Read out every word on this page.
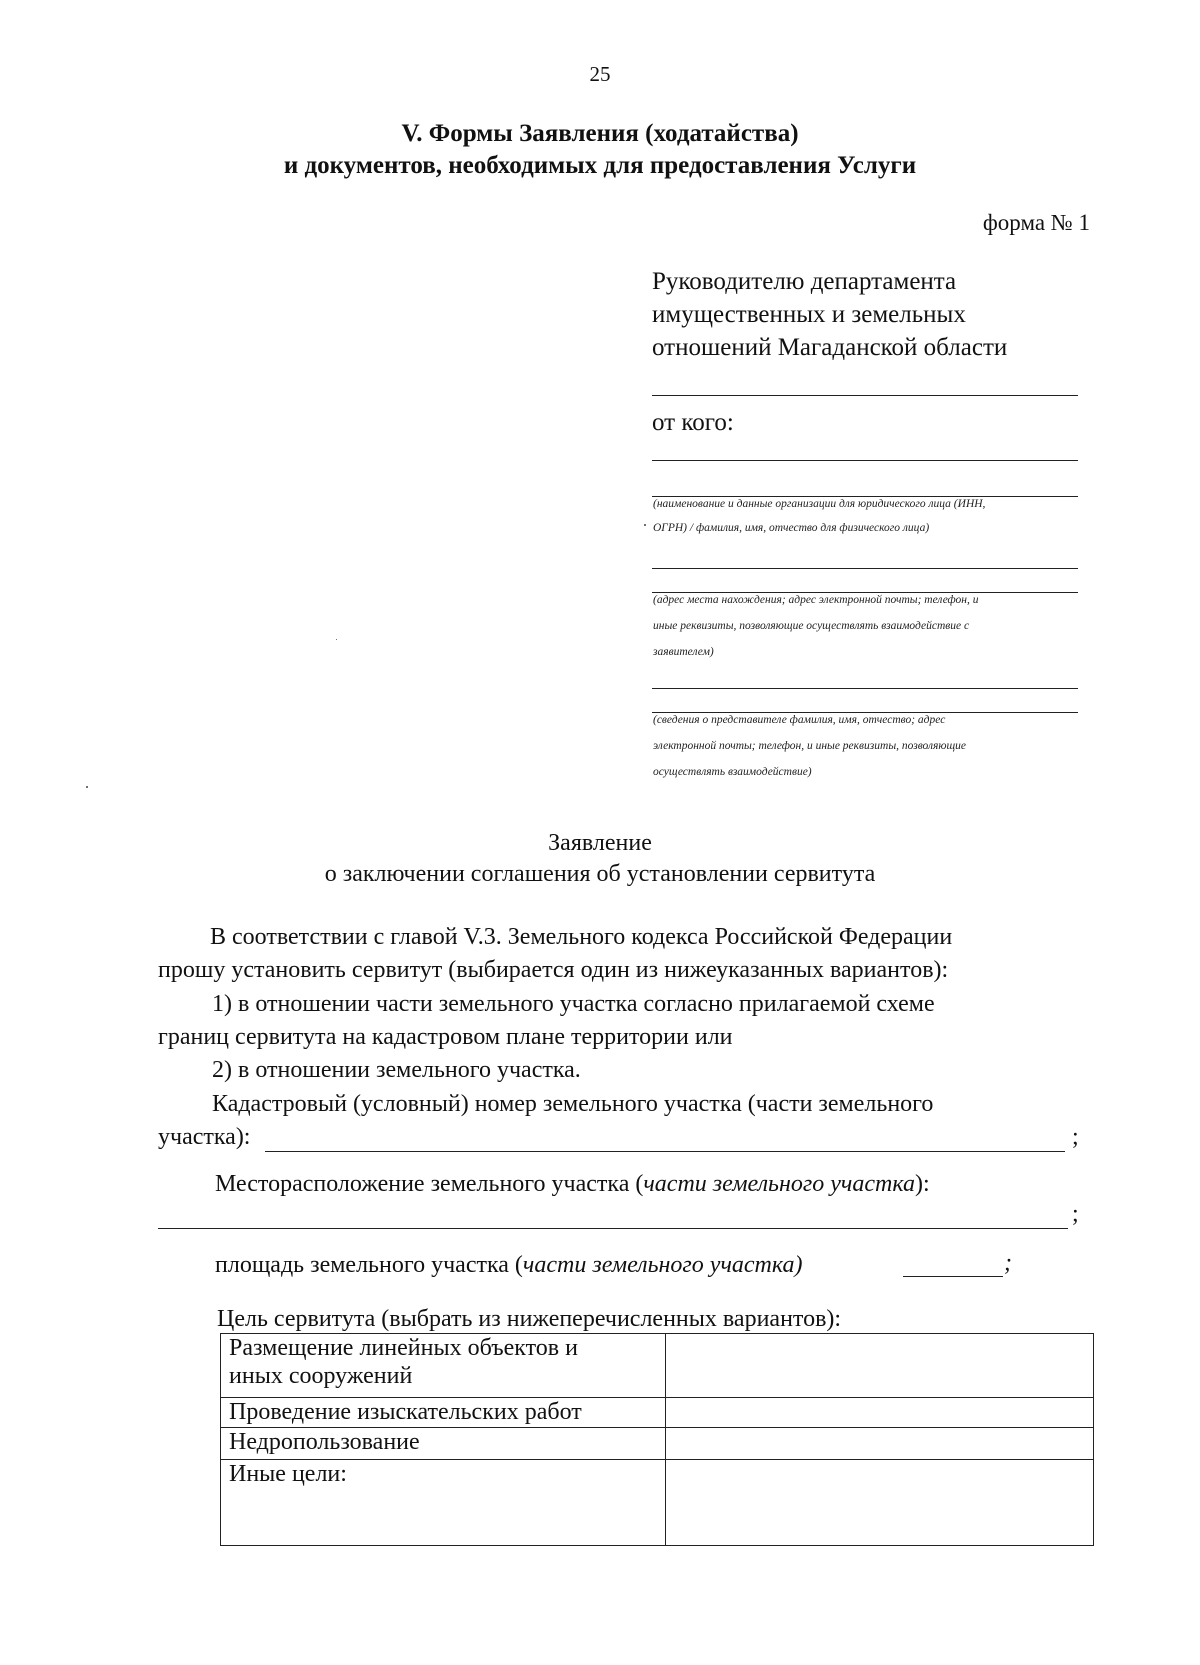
25
V. Формы Заявления (ходатайства)
и документов, необходимых для предоставления Услуги
форма № 1
Руководителю департамента
имущественных и земельных
отношений Магаданской области
от кого:
(наименование и данные организации для юридического лица (ИНН,
ОГРН) / фамилия, имя, отчество для физического лица)
(адрес места нахождения; адрес электронной почты; телефон, и
иные реквизиты, позволяющие осуществлять взаимодействие с
заявителем)
(сведения о представителе фамилия, имя, отчество; адрес
электронной почты; телефон, и иные реквизиты, позволяющие
осуществлять взаимодействие)
Заявление
о заключении соглашения об установлении сервитута
В соответствии с главой V.3. Земельного кодекса Российской Федерации
прошу установить сервитут (выбирается один из нижеуказанных вариантов):
1) в отношении части земельного участка согласно прилагаемой схеме
границ сервитута на кадастровом плане территории или
2) в отношении земельного участка.
Кадастровый (условный) номер земельного участка (части земельного
участка):	;
Месторасположение земельного участка (части земельного участка):
;
площадь земельного участка (части земельного участка)	;
Цель сервитута (выбрать из нижеперечисленных вариантов):
Размещение линейных объектов и
иных сооружений	
Проведение изыскательских работ	
Недропользование	
Иные цели:	
